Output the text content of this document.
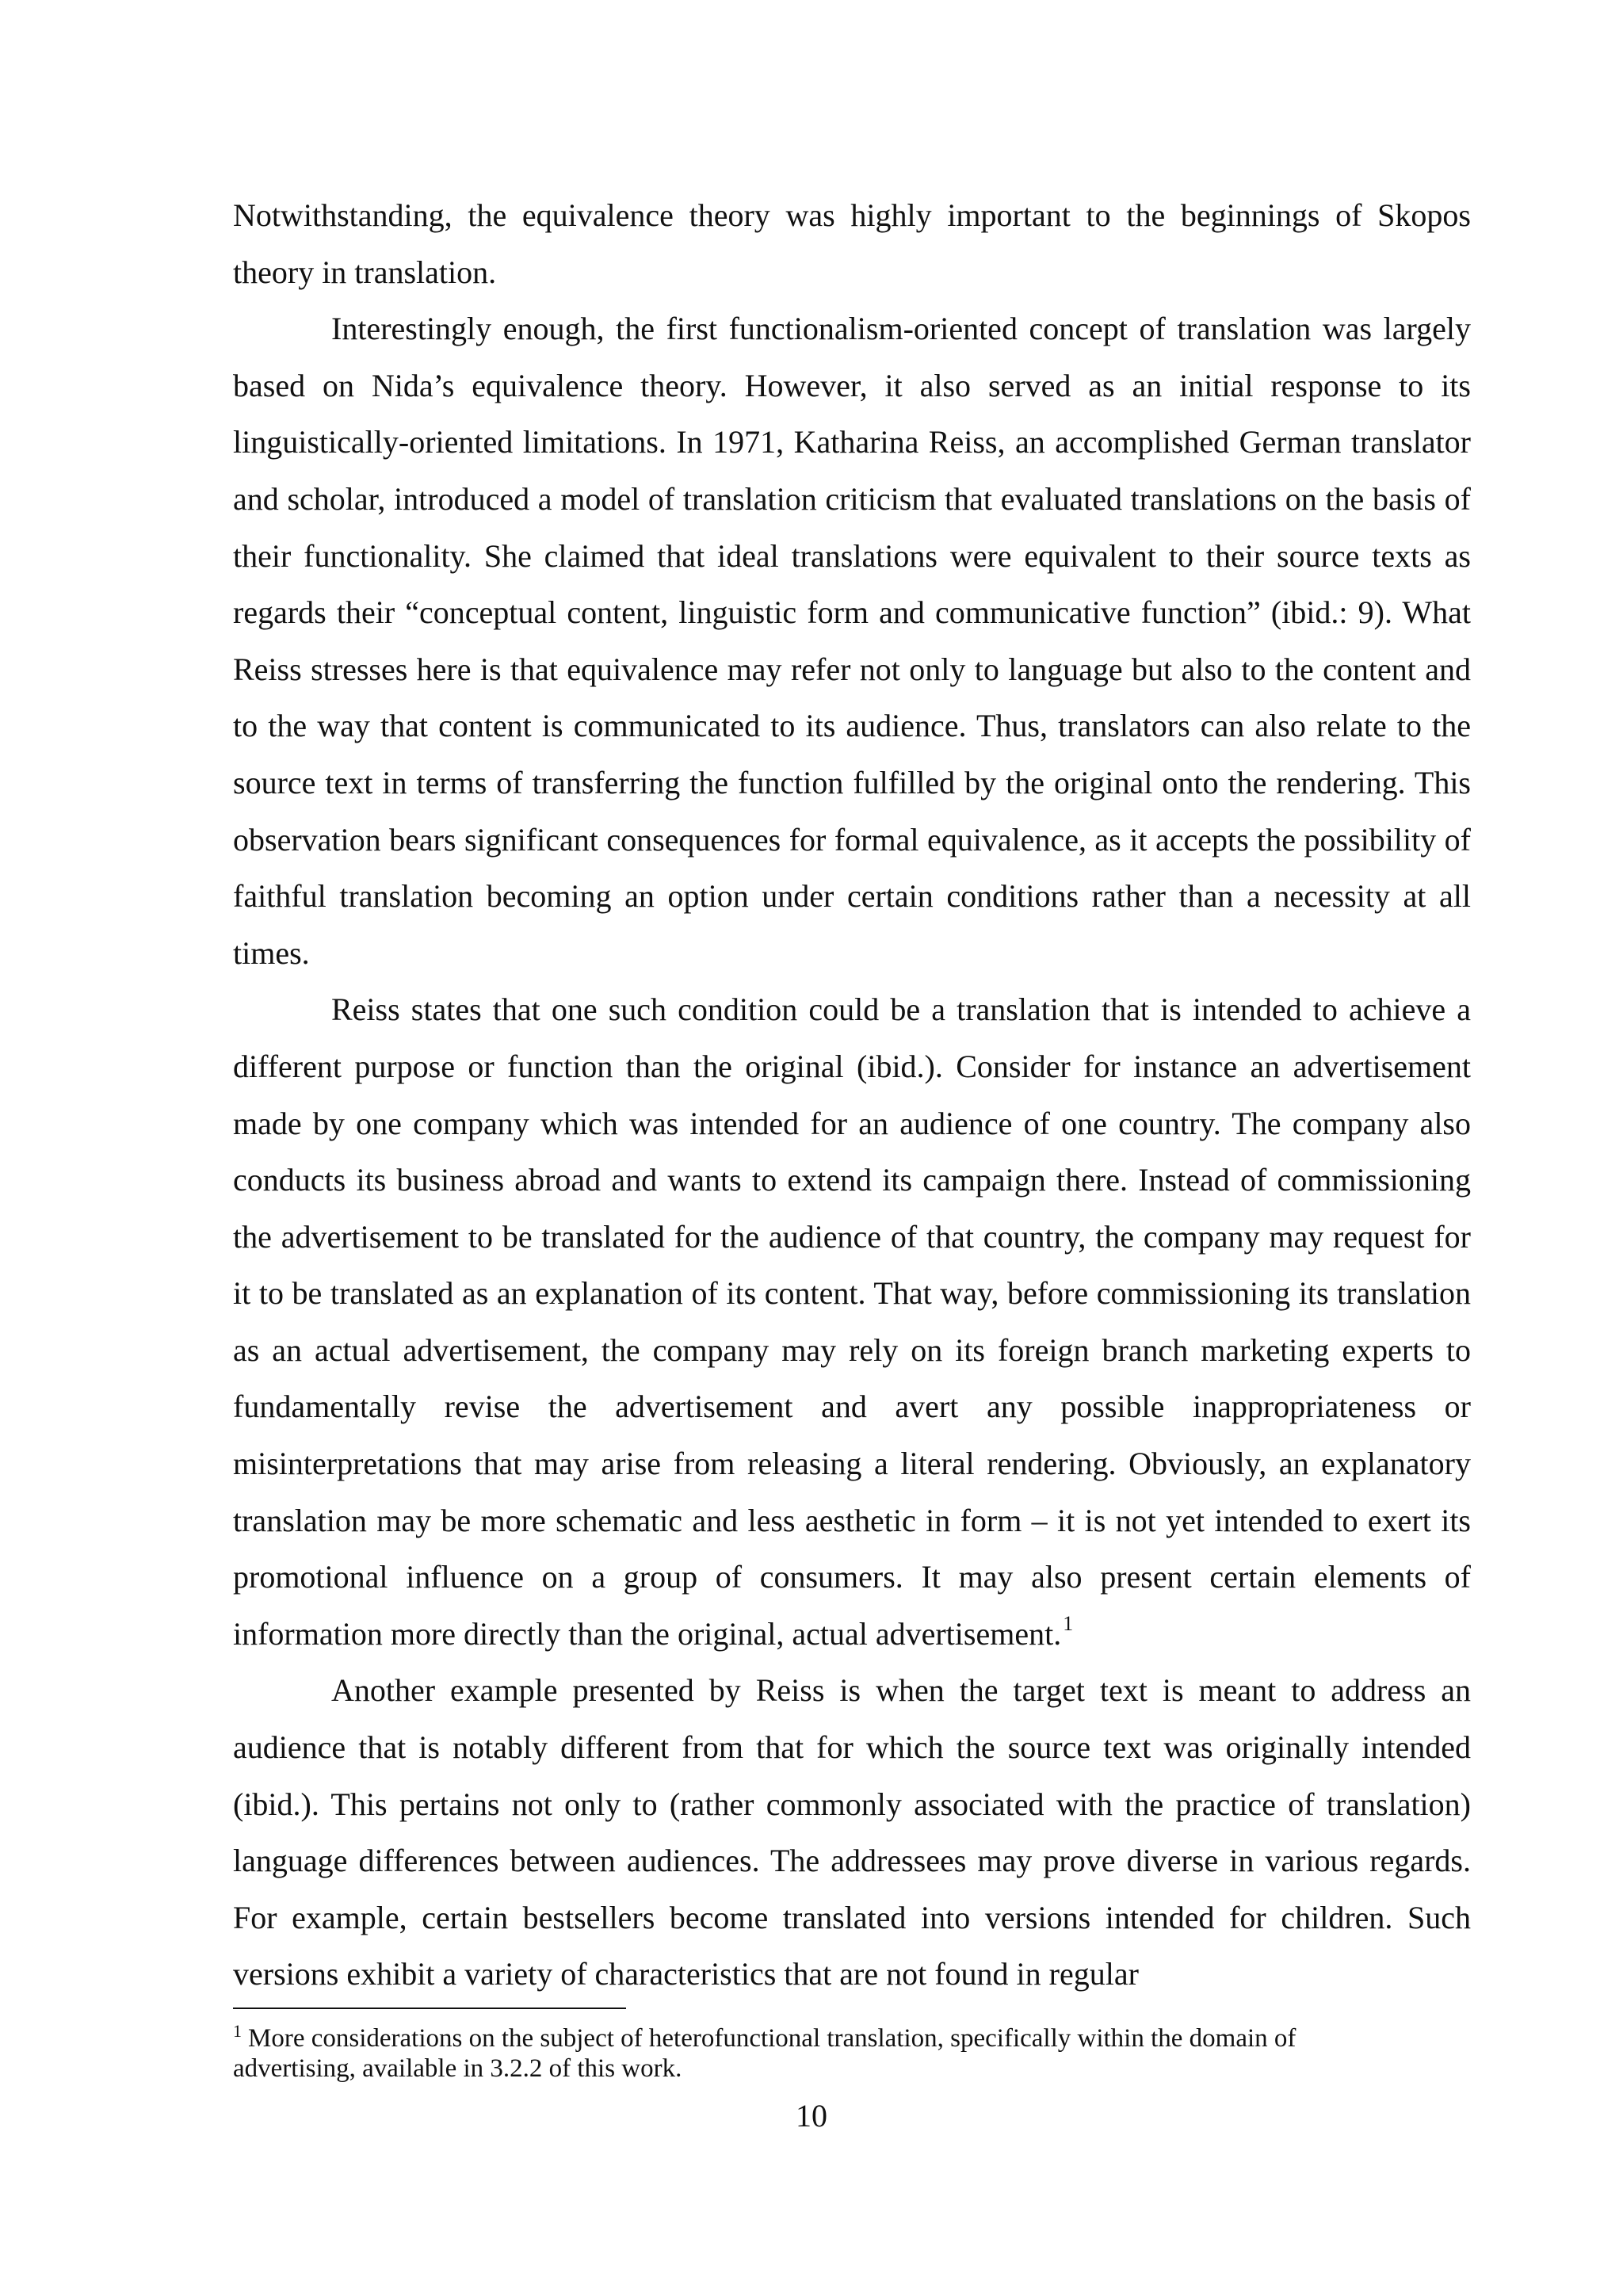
Notwithstanding, the equivalence theory was highly important to the beginnings of Skopos theory in translation.

Interestingly enough, the first functionalism-oriented concept of translation was largely based on Nida’s equivalence theory. However, it also served as an initial response to its linguistically-oriented limitations. In 1971, Katharina Reiss, an accomplished German translator and scholar, introduced a model of translation criticism that evaluated translations on the basis of their functionality. She claimed that ideal translations were equivalent to their source texts as regards their “conceptual content, linguistic form and communicative function” (ibid.: 9). What Reiss stresses here is that equivalence may refer not only to language but also to the content and to the way that content is communicated to its audience. Thus, translators can also relate to the source text in terms of transferring the function fulfilled by the original onto the rendering. This observation bears significant consequences for formal equivalence, as it accepts the possibility of faithful translation becoming an option under certain conditions rather than a necessity at all times.

Reiss states that one such condition could be a translation that is intended to achieve a different purpose or function than the original (ibid.). Consider for instance an advertisement made by one company which was intended for an audience of one country. The company also conducts its business abroad and wants to extend its campaign there. Instead of commissioning the advertisement to be translated for the audience of that country, the company may request for it to be translated as an explanation of its content. That way, before commissioning its translation as an actual advertisement, the company may rely on its foreign branch marketing experts to fundamentally revise the advertisement and avert any possible inappropriateness or misinterpretations that may arise from releasing a literal rendering. Obviously, an explanatory translation may be more schematic and less aesthetic in form – it is not yet intended to exert its promotional influence on a group of consumers. It may also present certain elements of information more directly than the original, actual advertisement.$^1$

Another example presented by Reiss is when the target text is meant to address an audience that is notably different from that for which the source text was originally intended (ibid.). This pertains not only to (rather commonly associated with the practice of translation) language differences between audiences. The addressees may prove diverse in various regards. For example, certain bestsellers become translated into versions intended for children. Such versions exhibit a variety of characteristics that are not found in regular

$^1$ More considerations on the subject of heterofunctional translation, specifically within the domain of advertising, available in 3.2.2 of this work.
10
